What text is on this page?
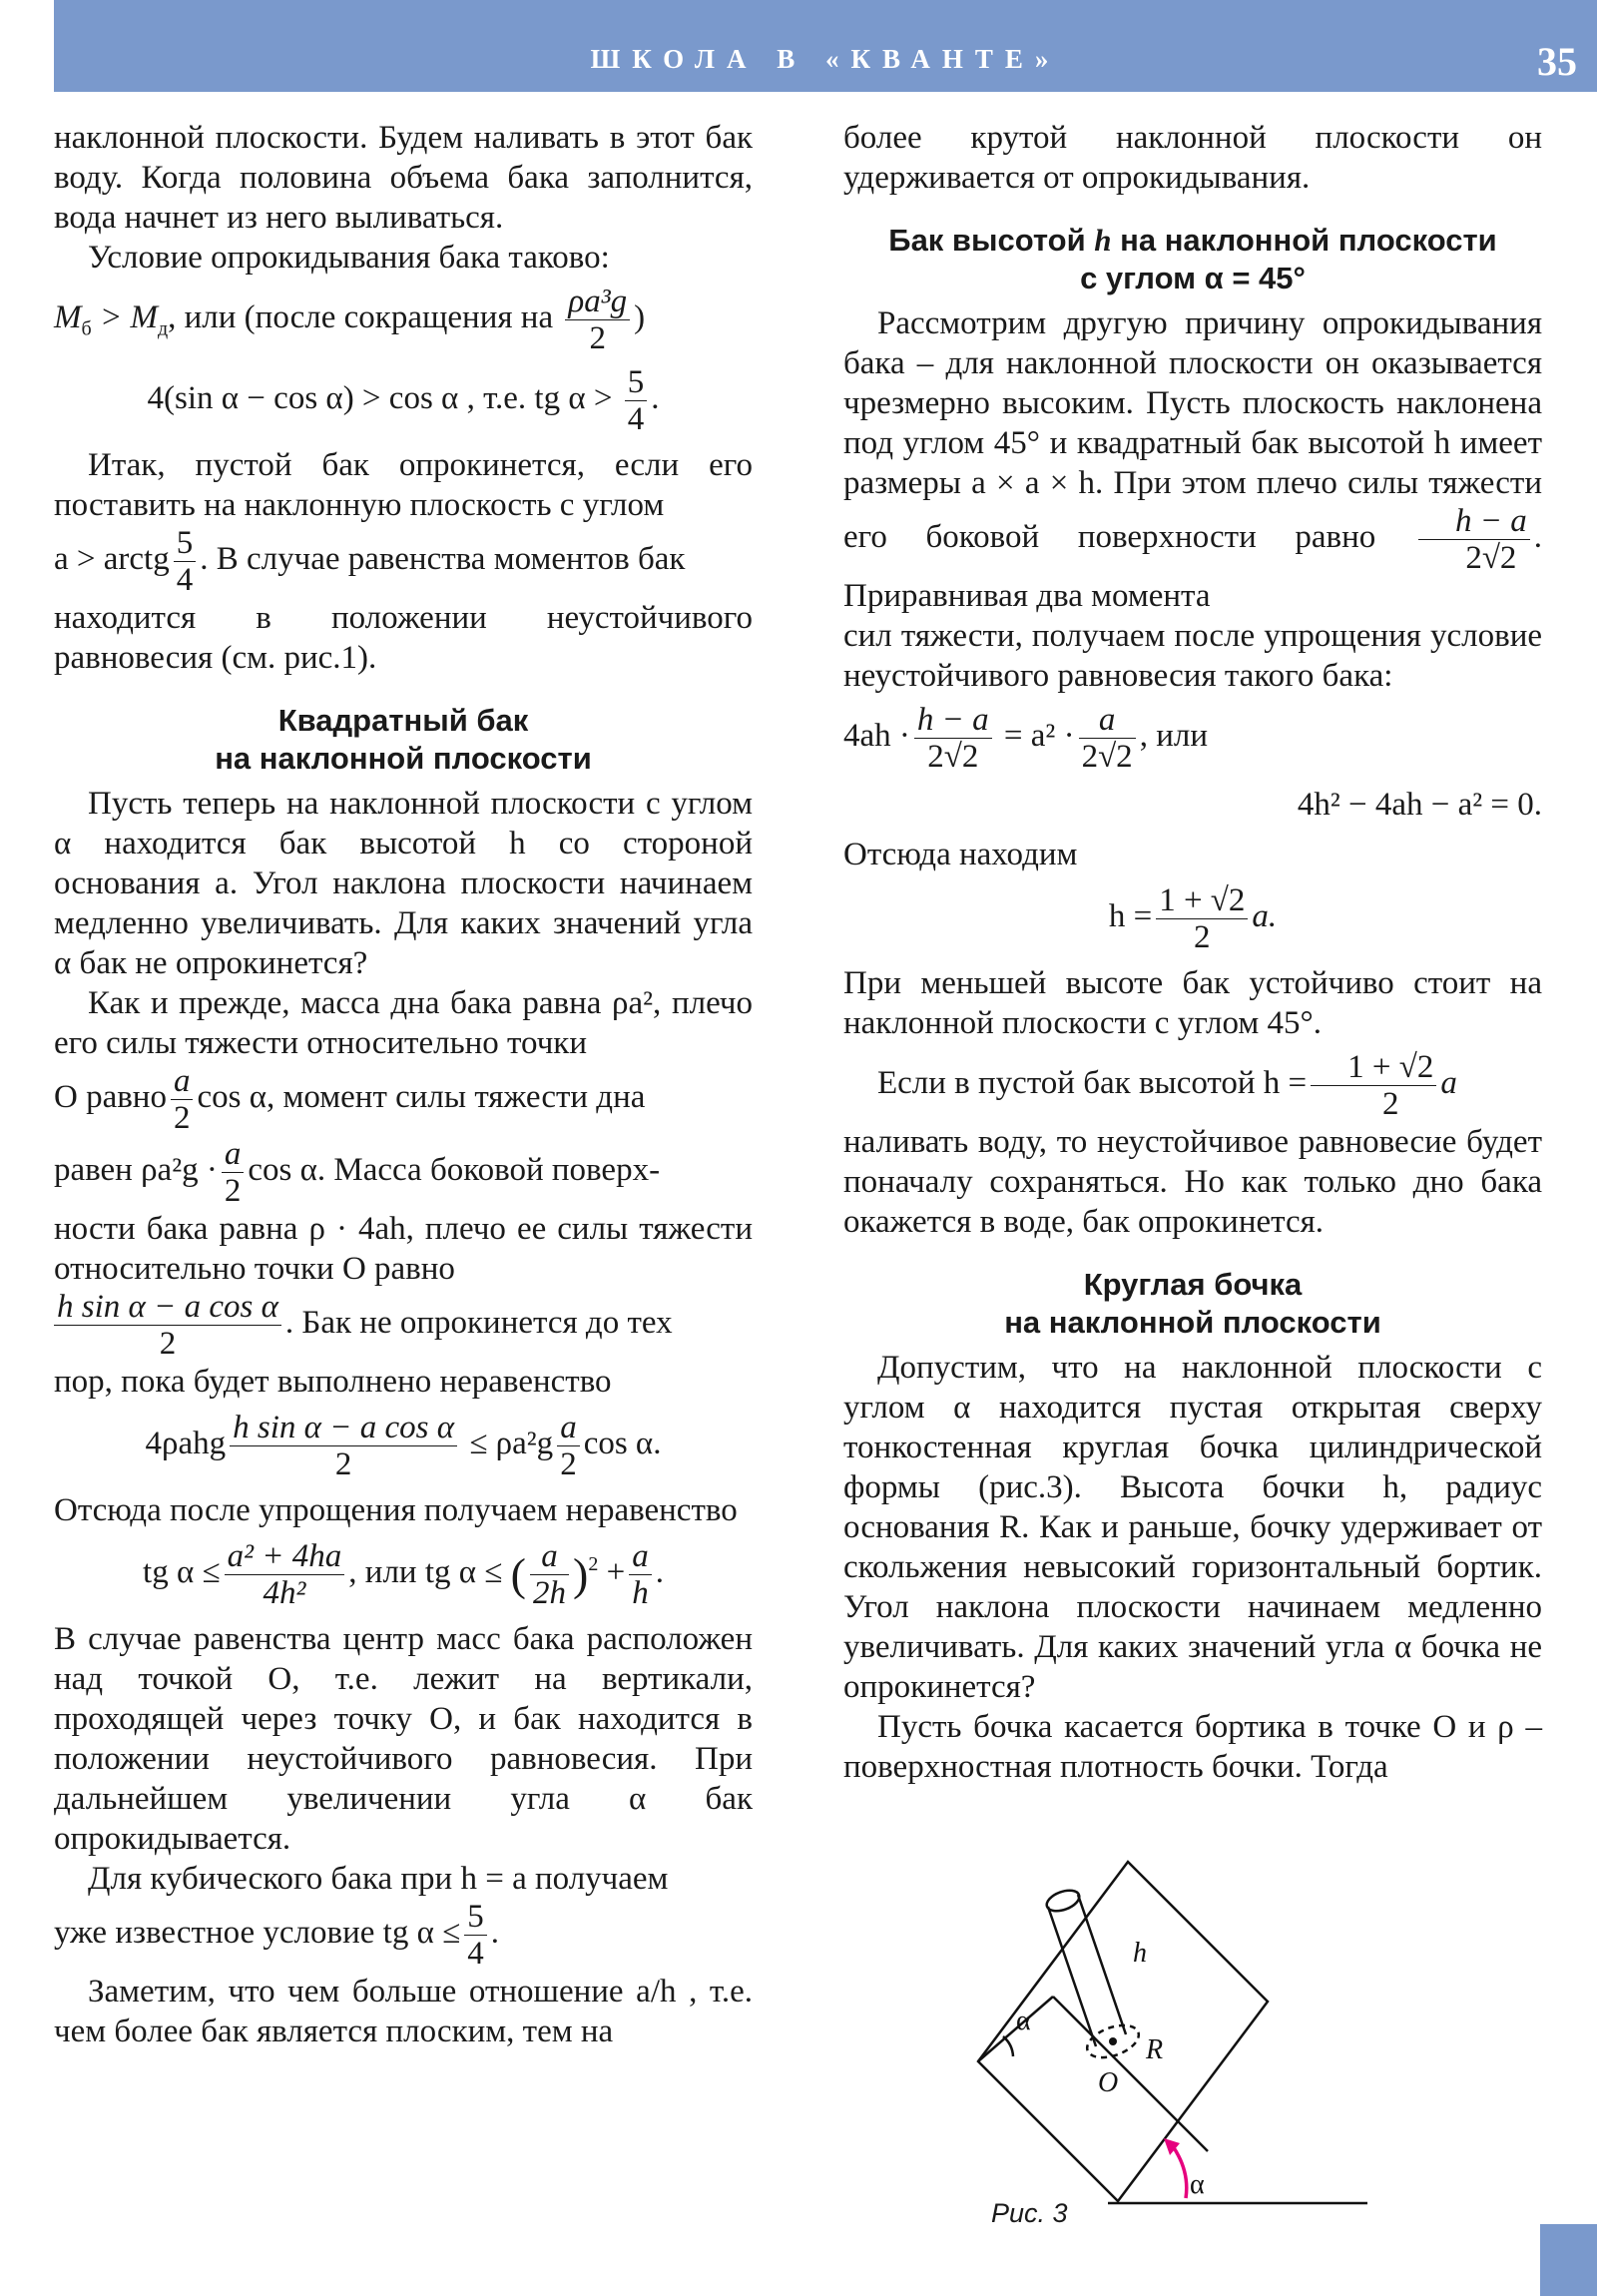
ШКОЛА В «КВАНТЕ»	35

наклонной плоскости. Будем наливать в этот бак воду. Когда половина объема бака заполнится, вода начнет из него выливаться.

Условие опрокидывания бака таково:

$M_б > M_д$, или (после сокращения на $\frac{\text{ρa³g}}{2}$ )

4(sin α − cos α) > cos α , т.е. tg $\alpha > \frac{5}{4}$ .

Итак, пустой бак опрокинется, если его поставить на наклонную плоскость с углом

a > arctg $\frac{5}{4}$ . В случае равенства моментов бак

находится в положении неустойчивого равновесия (см. рис.1).

Квадратный бак
на наклонной плоскости

Пусть теперь на наклонной плоскости с углом α находится бак высотой h со стороной основания a. Угол наклона плоскости начинаем медленно увеличивать. Для каких значений угла α бак не опрокинется?

Как и прежде, масса дна бака равна ρa², плечо его силы тяжести относительно точки

O равно $\frac{a}{2}$ cos α, момент силы тяжести дна

равен $\rho a^2g \cdot \frac{a}{2}$ cos α. Масса боковой поверх-

ности бака равна ρ · 4ah, плечо ее силы тяжести относительно точки O равно

$\frac{\text{h sin α − a cos α}}{2}$ . Бак не опрокинется до тех

пор, пока будет выполнено неравенство

$4\rho ahg \frac{\text{h sin α − a cos α}}{2} \le \rho a^2g \frac{a}{2}$ cos α.

Отсюда после упрощения получаем неравенство

tg $\alpha \le \frac{\text{a² + 4ha}}{\text{4h²}}$ , или tg α ≤ ( $\frac{a}{2h} )^2 + \frac{a}{h}$ .

В случае равенства центр масс бака расположен над точкой O, т.е. лежит на вертикали, проходящей через точку O, и бак находится в положении неустойчивого равновесия. При дальнейшем увеличении угла α бак опрокидывается.

Для кубического бака при h = a получаем

уже известное условие tg $\alpha \le \frac{5}{4}$ .

Заметим, что чем больше отношение a/h , т.е. чем более бак является плоским, тем на

более крутой наклонной плоскости он удерживается от опрокидывания.

Бак высотой h на наклонной плоскости
с углом α = 45°

Рассмотрим другую причину опрокидывания бака – для наклонной плоскости он оказывается чрезмерно высоким. Пусть плоскость наклонена под углом 45° и квадратный бак высотой h имеет размеры a × a × h. При этом плечо силы тяжести его боковой поверхности равно $\frac{h - a}{2√2}$ . Приравнивая два момента

сил тяжести, получаем после упрощения условие неустойчивого равновесия такого бака:

$4ah \cdot \frac{h - a}{2√2} = a^2 \cdot \frac{a}{2√2}$ , или

4h² − 4ah − a² = 0.

Отсюда находим

$h = \frac{1 + √2}{2} a$.

При меньшей высоте бак устойчиво стоит на наклонной плоскости с углом 45°.

Если в пустой бак высотой $h = \frac{1 + √2}{2}$ a

наливать воду, то неустойчивое равновесие будет поначалу сохраняться. Но как только дно бака окажется в воде, бак опрокинется.

Круглая бочка
на наклонной плоскости

Допустим, что на наклонной плоскости с углом α находится пустая открытая сверху тонкостенная круглая бочка цилиндрической формы (рис.3). Высота бочки h, радиус основания R. Как и раньше, бочку удерживает от скольжения невысокий горизонтальный бортик. Угол наклона плоскости начинаем медленно увеличивать. Для каких значений угла α бочка не опрокинется?

Пусть бочка касается бортика в точке O и ρ – поверхностная плотность бочки. Тогда

h
α
R
O
α
Рис. 3
